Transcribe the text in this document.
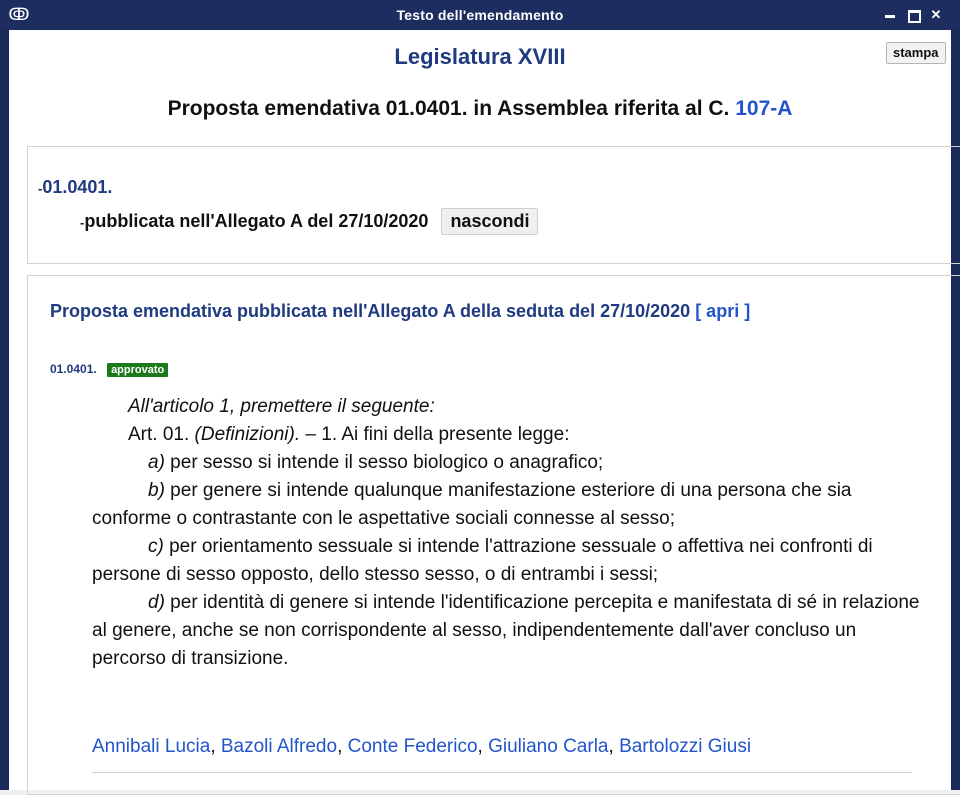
ↂ	Testo dell'emendamento	✕
stampa
Legislatura XVIII
Proposta emendativa 01.0401. in Assemblea riferita al C. 107-A
-01.0401.
-pubblicata nell'Allegato A del 27/10/2020 nascondi
Proposta emendativa pubblicata nell'Allegato A della seduta del 27/10/2020 [ apri ]
01.0401. approvato

All'articolo 1, premettere il seguente:

Art. 01. (Definizioni). – 1. Ai fini della presente legge:

a) per sesso si intende il sesso biologico o anagrafico;

b) per genere si intende qualunque manifestazione esteriore di una persona che sia conforme o contrastante con le aspettative sociali connesse al sesso;

c) per orientamento sessuale si intende l'attrazione sessuale o affettiva nei confronti di persone di sesso opposto, dello stesso sesso, o di entrambi i sessi;

d) per identità di genere si intende l'identificazione percepita e manifestata di sé in relazione al genere, anche se non corrispondente al sesso, indipendentemente dall'aver concluso un percorso di transizione.

Annibali Lucia, Bazoli Alfredo, Conte Federico, Giuliano Carla, Bartolozzi Giusi
